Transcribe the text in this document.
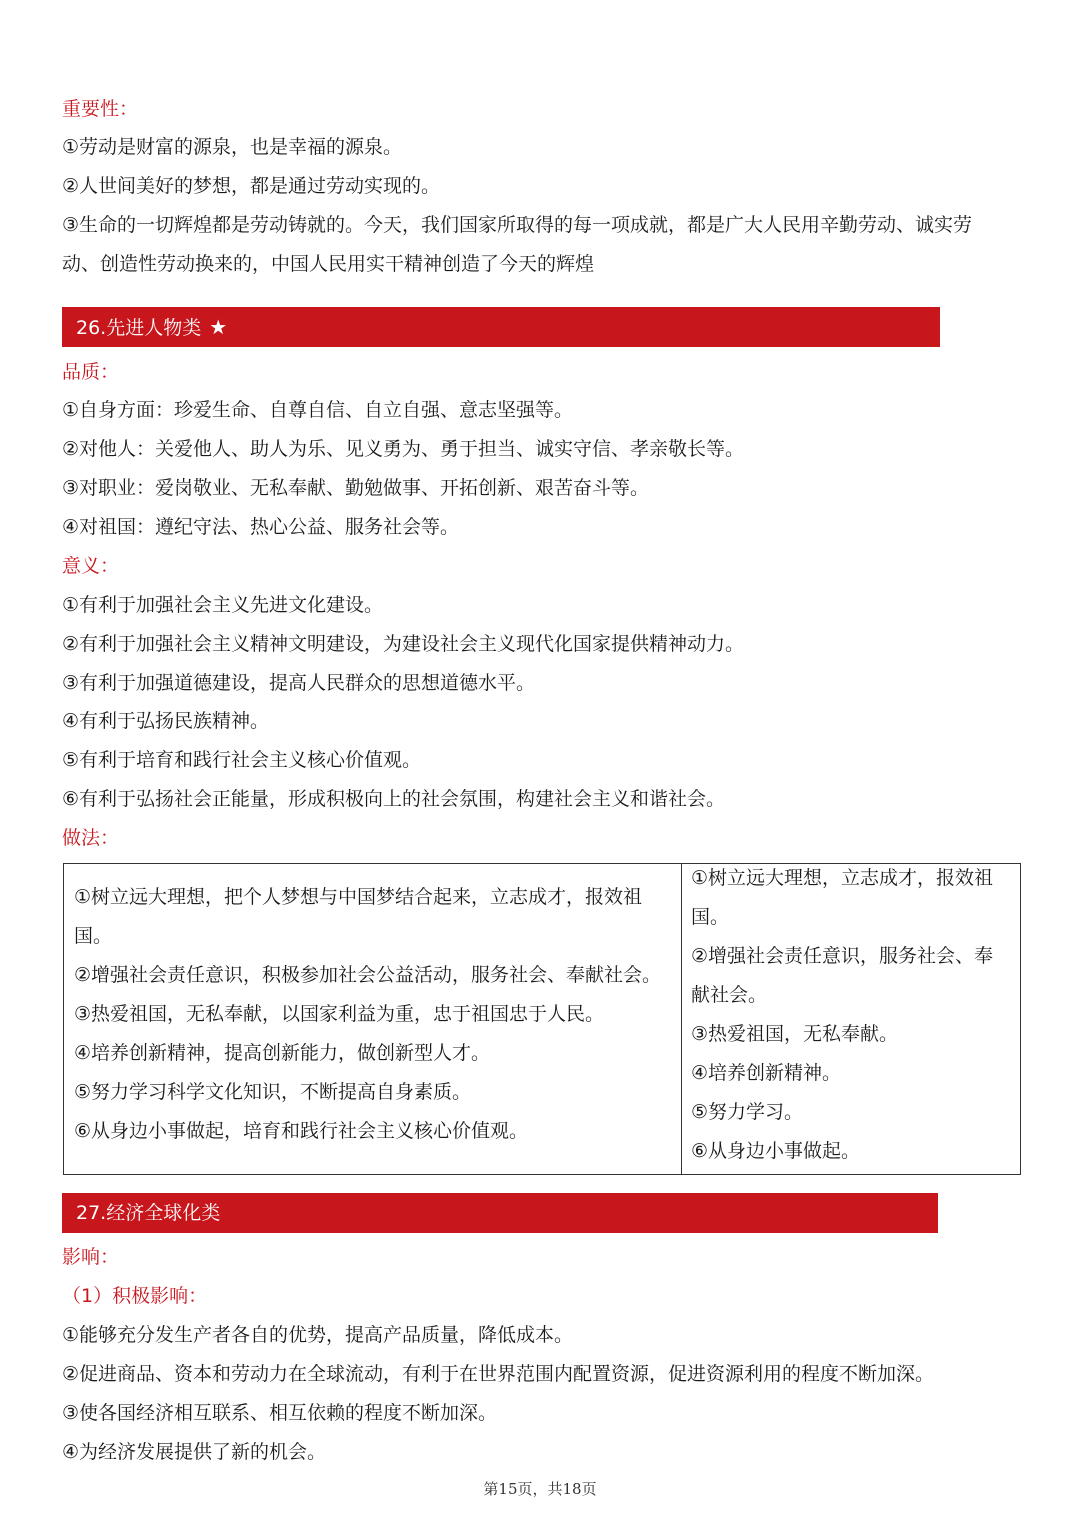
重要性：
①劳动是财富的源泉，也是幸福的源泉。
②人世间美好的梦想，都是通过劳动实现的。
③生命的一切辉煌都是劳动铸就的。今天，我们国家所取得的每一项成就，都是广大人民用辛勤劳动、诚实劳
动、创造性劳动换来的，中国人民用实干精神创造了今天的辉煌
26.先进人物类 ★
品质：
①自身方面：珍爱生命、自尊自信、自立自强、意志坚强等。
②对他人：关爱他人、助人为乐、见义勇为、勇于担当、诚实守信、孝亲敬长等。
③对职业：爱岗敬业、无私奉献、勤勉做事、开拓创新、艰苦奋斗等。
④对祖国：遵纪守法、热心公益、服务社会等。
意义：
①有利于加强社会主义先进文化建设。
②有利于加强社会主义精神文明建设，为建设社会主义现代化国家提供精神动力。
③有利于加强道德建设，提高人民群众的思想道德水平。
④有利于弘扬民族精神。
⑤有利于培育和践行社会主义核心价值观。
⑥有利于弘扬社会正能量，形成积极向上的社会氛围，构建社会主义和谐社会。
做法：
①树立远大理想，把个人梦想与中国梦结合起来，立志成才，报效祖
国。
②增强社会责任意识，积极参加社会公益活动，服务社会、奉献社会。
③热爱祖国，无私奉献，以国家利益为重，忠于祖国忠于人民。
④培养创新精神，提高创新能力，做创新型人才。
⑤努力学习科学文化知识，不断提高自身素质。
⑥从身边小事做起，培育和践行社会主义核心价值观。
①树立远大理想，立志成才，报效祖
国。
②增强社会责任意识，服务社会、奉
献社会。
③热爱祖国，无私奉献。
④培养创新精神。
⑤努力学习。
⑥从身边小事做起。
27.经济全球化类
影响：
（1）积极影响：
①能够充分发生产者各自的优势，提高产品质量，降低成本。
②促进商品、资本和劳动力在全球流动，有利于在世界范围内配置资源，促进资源利用的程度不断加深。
③使各国经济相互联系、相互依赖的程度不断加深。
④为经济发展提供了新的机会。
第15页，共18页
